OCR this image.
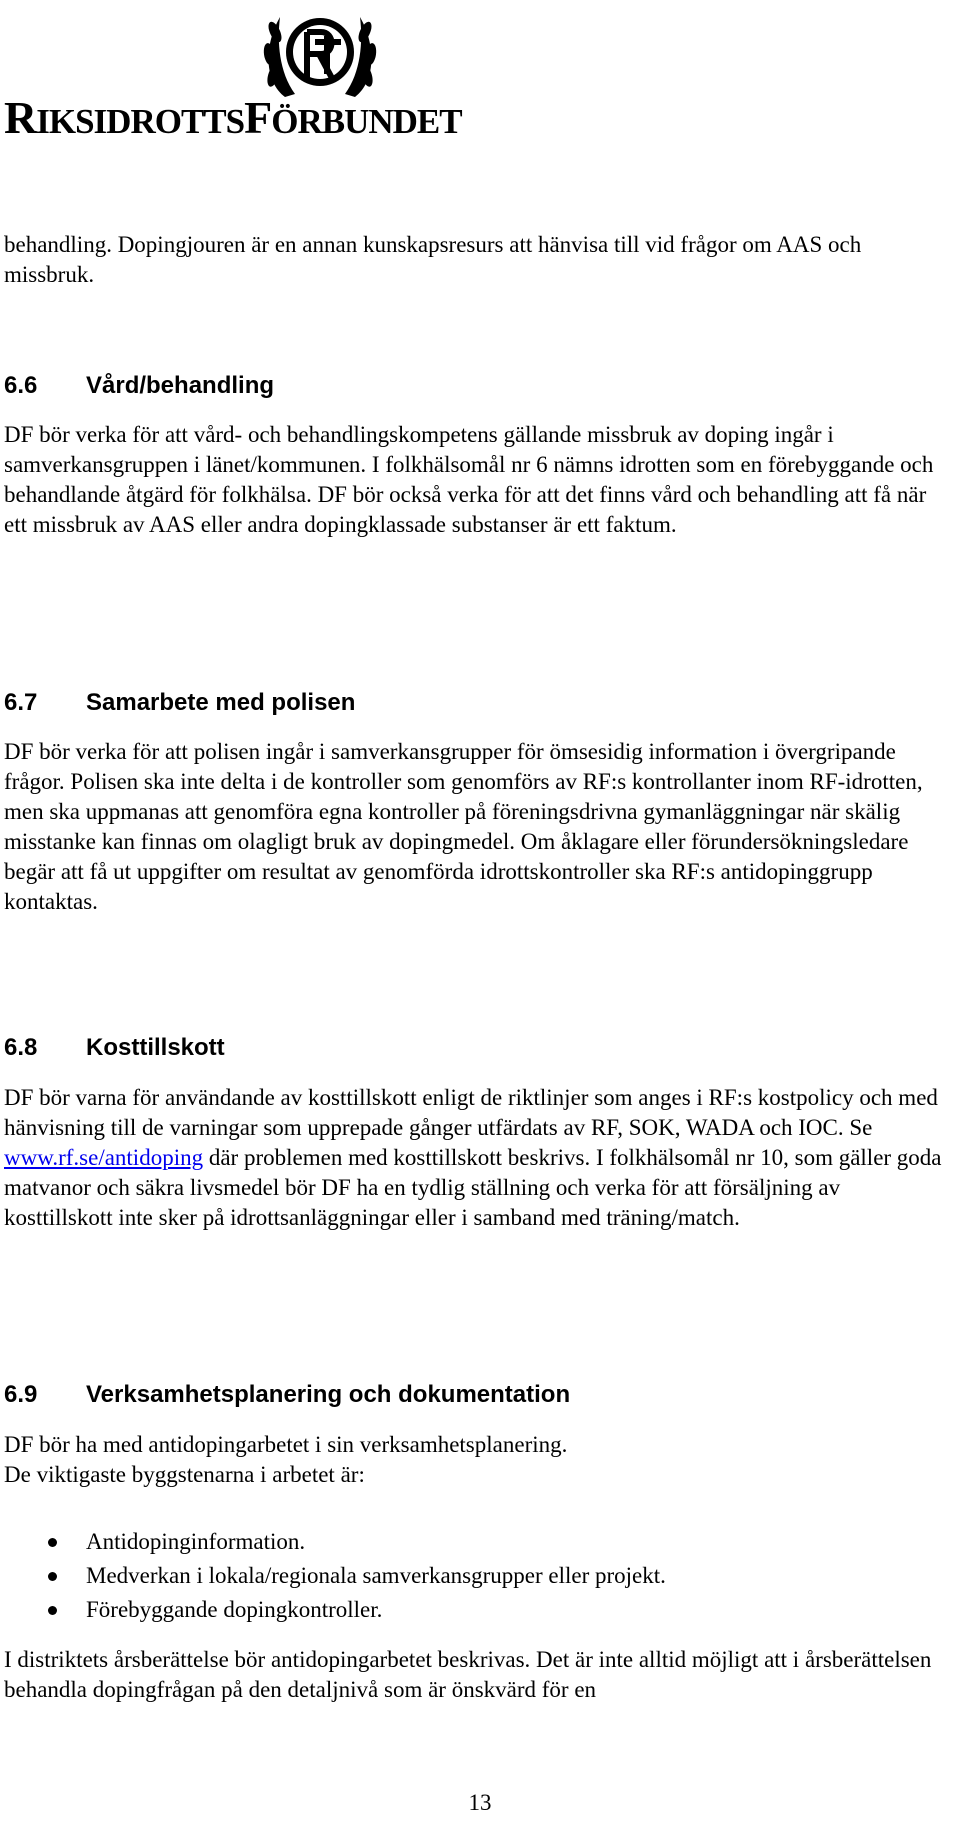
RIKSIDROTTSFÖRBUNDET

behandling. Dopingjouren är en annan kunskapsresurs att hänvisa till vid frågor om AAS och missbruk.

6.6 Vård/behandling

DF bör verka för att vård- och behandlingskompetens gällande missbruk av doping ingår i samverkansgruppen i länet/kommunen. I folkhälsomål nr 6 nämns idrotten som en förebyggande och behandlande åtgärd för folkhälsa. DF bör också verka för att det finns vård och behandling att få när ett missbruk av AAS eller andra dopingklassade substanser är ett faktum.

6.7 Samarbete med polisen

DF bör verka för att polisen ingår i samverkansgrupper för ömsesidig information i övergripande frågor. Polisen ska inte delta i de kontroller som genomförs av RF:s kontrollanter inom RF-idrotten, men ska uppmanas att genomföra egna kontroller på föreningsdrivna gymanläggningar när skälig misstanke kan finnas om olagligt bruk av dopingmedel. Om åklagare eller förundersökningsledare begär att få ut uppgifter om resultat av genomförda idrottskontroller ska RF:s antidopinggrupp kontaktas.

6.8 Kosttillskott

DF bör varna för användande av kosttillskott enligt de riktlinjer som anges i RF:s kostpolicy och med hänvisning till de varningar som upprepade gånger utfärdats av RF, SOK, WADA och IOC. Se www.rf.se/antidoping där problemen med kosttillskott beskrivs. I folkhälsomål nr 10, som gäller goda matvanor och säkra livsmedel bör DF ha en tydlig ställning och verka för att försäljning av kosttillskott inte sker på idrottsanläggningar eller i samband med träning/match.

6.9 Verksamhetsplanering och dokumentation

DF bör ha med antidopingarbetet i sin verksamhetsplanering.

De viktigaste byggstenarna i arbetet är:

Antidopinginformation.
Medverkan i lokala/regionala samverkansgrupper eller projekt.
Förebyggande dopingkontroller.

I distriktets årsberättelse bör antidopingarbetet beskrivas. Det är inte alltid möjligt att i årsberättelsen behandla dopingfrågan på den detaljnivå som är önskvärd för en

13
